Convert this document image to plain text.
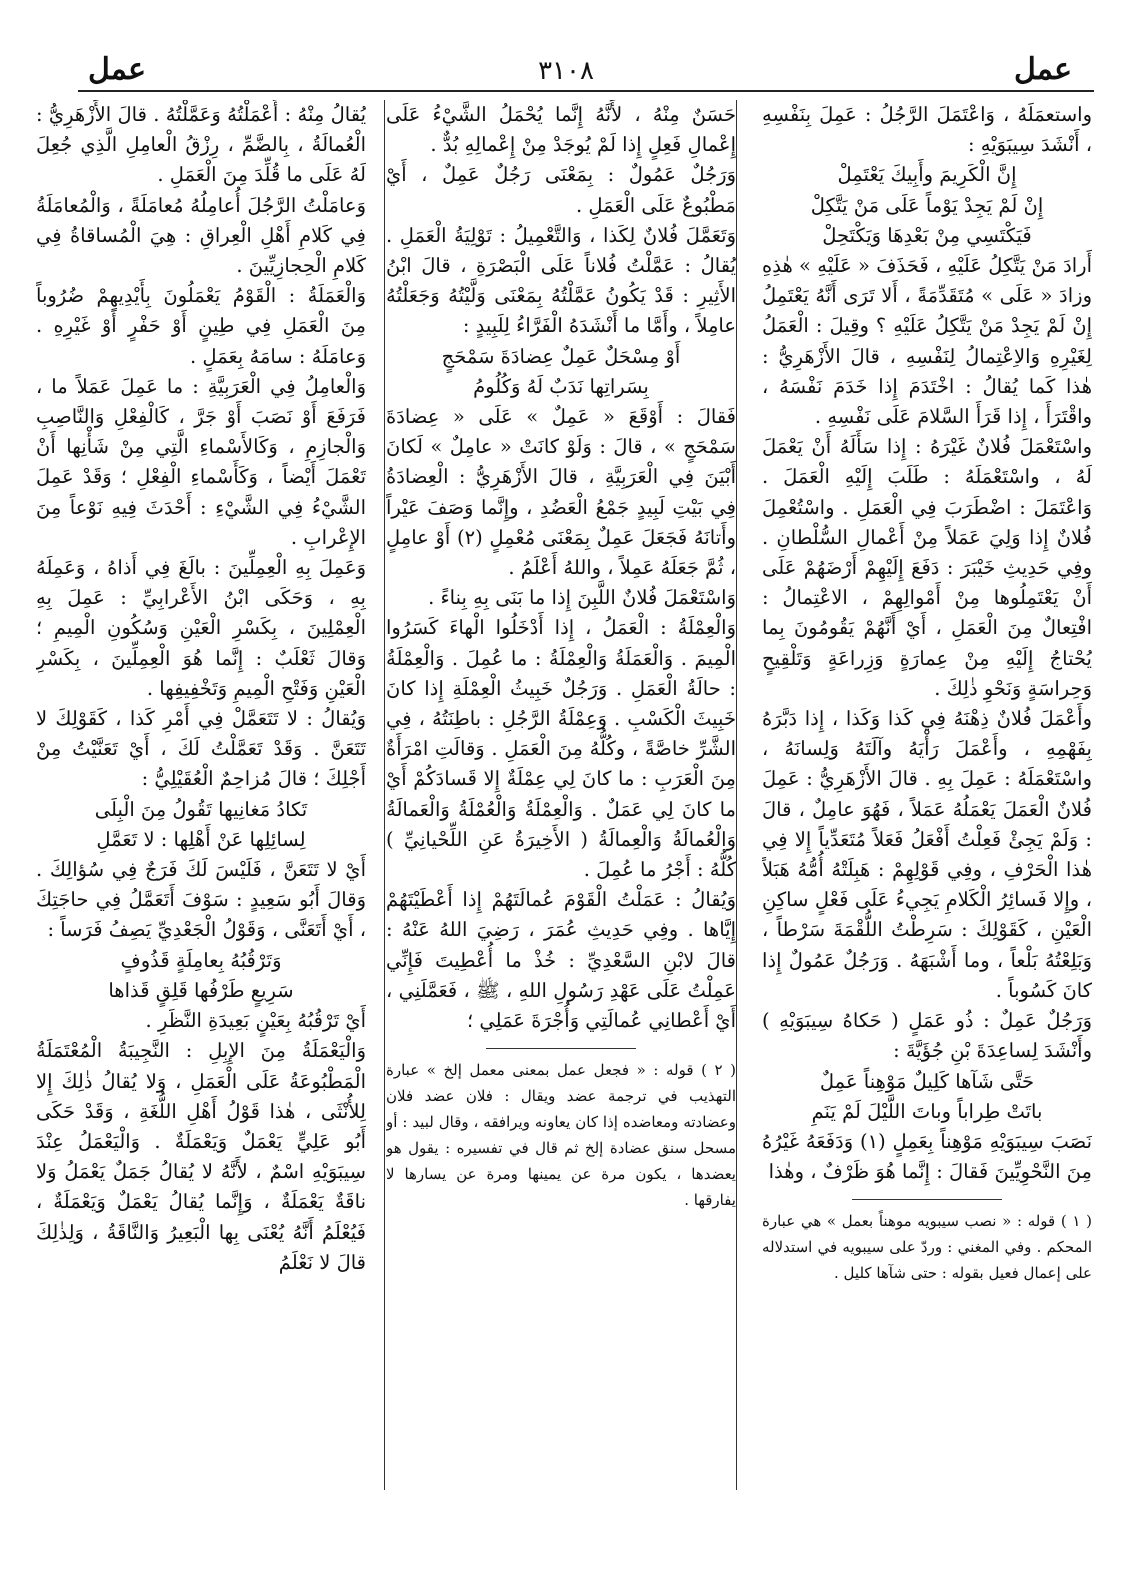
عمل
٣١٠٨
عمل

واستعمَلَهُ ، وَاعْتَمَلَ الرَّجُلُ : عَمِلَ بِنَفْسِهِ ، أَنْشَدَ سِيبَوَيْهِ :

إِنَّ الْكَرِيمَ وأَبِيكَ يَعْتَمِلْ

إِنْ لَمْ يَجِدْ يَوْماً عَلَى مَنْ يَتَّكِلْ

فَيَكْتَسِي مِنْ بَعْدِهَا وَيَكْتَحِلْ

أَرادَ مَنْ يَتَّكِلُ عَلَيْهِ ، فَحَذَفَ « عَلَيْهِ » هٰذِهِ وزادَ « عَلَى » مُتَقَدِّمَةً ، أَلا تَرَى أَنَّهُ يَعْتَمِلُ إِنْ لَمْ يَجِدْ مَنْ يَتَّكِلُ عَلَيْهِ ؟ وقِيلَ : الْعَمَلُ لِغَيْرِهِ وَالاِعْتِمالُ لِنَفْسِهِ ، قالَ الأَزْهَرِيُّ : هٰذا كَما يُقالُ : اخْتَدَمَ إِذا خَدَمَ نَفْسَهُ ، واقْتَرَأَ ، إِذا قَرَأَ السَّلامَ عَلَى نَفْسِهِ .

واسْتَعْمَلَ فُلانٌ غَيْرَهُ : إِذا سَأَلَهُ أَنْ يَعْمَلَ لَهُ ، واسْتَعْمَلَهُ : طَلَبَ إِلَيْهِ الْعَمَلَ . وَاعْتَمَلَ : اضْطَرَبَ فِي الْعَمَلِ . واسْتُعْمِلَ فُلانٌ إِذا وَلِيَ عَمَلاً مِنْ أَعْمالِ السُّلْطانِ . وفِي حَدِيثِ خَيْبَرَ : دَفَعَ إِلَيْهِمْ أَرْضَهُمْ عَلَى أَنْ يَعْتَمِلُوها مِنْ أَمْوالِهِمْ ، الاعْتِمالُ : افْتِعالٌ مِنَ الْعَمَلِ ، أَيْ أَنَّهُمْ يَقُومُونَ بِما يُحْتاجُ إِلَيْهِ مِنْ عِمارَةٍ وَزِراعَةٍ وَتَلْقِيحٍ وَحِراسَةٍ وَنَحْوِ ذٰلِكَ .

وأَعْمَلَ فُلانٌ ذِهْنَهُ فِي كَذا وَكَذا ، إِذا دَبَّرَهُ بِفَهْمِهِ ، وأَعْمَلَ رَأْيَهُ وآلَتَهُ وَلِسانَهُ ، واسْتَعْمَلَهُ : عَمِلَ بِهِ . قالَ الأَزْهَرِيُّ : عَمِلَ فُلانٌ الْعَمَلَ يَعْمَلُهُ عَمَلاً ، فَهُوَ عامِلٌ ، قالَ : وَلَمْ يَجِئْ فَعِلْتُ أَفْعَلُ فَعَلاً مُتَعَدِّياً إِلا فِي هٰذا الْحَرْفِ ، وفِي قَوْلِهِمْ : هَبِلَتْهُ أُمُّهُ هَبَلاً ، وإِلا فَسائِرُ الْكَلامِ يَجِيءُ عَلَى فَعْلٍ ساكِنِ الْعَيْنِ ، كَقَوْلِكَ : سَرِطْتُ اللُّقْمَةَ سَرْطاً ، وَبَلِعْتُهُ بَلْعاً ، وما أَشْبَهَهُ . وَرَجُلٌ عَمُولٌ إِذا كانَ كَسُوباً .

وَرَجُلٌ عَمِلٌ : ذُو عَمَلٍ ( حَكاهُ سِيبَوَيْهِ ) وأَنْشَدَ لِساعِدَةَ بْنِ جُؤَيَّةَ :

حَتَّى شَآها كَلِيلٌ مَوْهِناً عَمِلٌ

باتَتْ طِراباً وباتَ اللَّيْلَ لَمْ يَنَمِ

نَصَبَ سِيبَوَيْهِ مَوْهِناً بِعَمِلٍ (١) وَدَفَعَهُ غَيْرُهُ مِنَ النَّحْوِيِّينَ فَقالَ : إِنَّما هُوَ ظَرْفٌ ، وهٰذا

( ١ ) قوله : « نصب سيبويه موهناً بعمل » هي عبارة المحكم . وفي المغني : وردّ على سيبويه في استدلاله على إعمال فعيل بقوله : حتى شآها كليل .

حَسَنٌ مِنْهُ ، لأَنَّهُ إِنَّما يُحْمَلُ الشَّيْءُ عَلَى إِعْمالِ فَعِلٍ إِذا لَمْ يُوجَدْ مِنْ إِعْمالِهِ بُدٌّ .

وَرَجُلٌ عَمُولٌ : بِمَعْنَى رَجُلٌ عَمِلٌ ، أَيْ مَطْبُوعٌ عَلَى الْعَمَلِ .

وَتَعَمَّلَ فُلانٌ لِكَذا ، وَالتَّعْمِيلُ : تَوْلِيَةُ الْعَمَلِ . يُقالُ : عَمَّلْتُ فُلاناً عَلَى الْبَصْرَةِ ، قالَ ابْنُ الأَثِيرِ : قَدْ يَكُونُ عَمَّلْتُهُ بِمَعْنَى وَلَّيْتُهُ وَجَعَلْتُهُ عامِلاً ، وأَمَّا ما أَنْشَدَهُ الْفَرَّاءُ لِلَبِيدٍ :

أَوْ مِسْحَلٌ عَمِلٌ عِضادَةَ سَمْحَجٍ

بِسَراتِها نَدَبٌ لَهُ وَكُلُومُ

فَقالَ : أَوْقَعَ « عَمِلٌ » عَلَى « عِضادَةَ سَمْحَجٍ » ، قالَ : وَلَوْ كانَتْ « عامِلٌ » لَكانَ أَبْيَنَ فِي الْعَرَبِيَّةِ ، قالَ الأَزْهَرِيُّ : الْعِضادَةُ فِي بَيْتِ لَبِيدٍ جَمْعُ الْعَضُدِ ، وإِنَّما وَصَفَ عَيْراً وأَتانَهُ فَجَعَلَ عَمِلٌ بِمَعْنَى مُعْمِلٍ (٢) أَوْ عامِلٍ ، ثُمَّ جَعَلَهُ عَمِلاً ، واللهُ أَعْلَمُ .

وَاسْتَعْمَلَ فُلانٌ اللَّبِنَ إِذا ما بَنَى بِهِ بِناءً .

وَالْعِمْلَةُ : الْعَمَلُ ، إِذا أَدْخَلُوا الْهاءَ كَسَرُوا الْمِيمَ . وَالْعَمَلَةُ وَالْعِمْلَةُ : ما عُمِلَ . وَالْعِمْلَةُ : حالَةُ الْعَمَلِ . وَرَجُلٌ خَبِيثُ الْعِمْلَةِ إِذا كانَ خَبِيثَ الْكَسْبِ . وَعِمْلَةُ الرَّجُلِ : باطِنَتُهُ ، فِي الشَّرِّ خاصَّةً ، وكُلُّهُ مِنَ الْعَمَلِ . وَقالَتِ امْرَأَةٌ مِنَ الْعَرَبِ : ما كانَ لِي عِمْلَةٌ إِلا قَسادَكُمْ أَيْ ما كانَ لِي عَمَلٌ . وَالْعِمْلَةُ وَالْعُمْلَةُ وَالْعَمالَةُ وَالْعُمالَةُ وَالْعِمالَةُ ( الأَخِيرَةُ عَنِ اللِّحْيانِيِّ ) كُلُّهُ : أَجْرُ ما عُمِلَ .

وَيُقالُ : عَمَلْتُ الْقَوْمَ عُمالَتَهُمْ إِذا أَعْطَيْتَهُمْ إِيَّاها . وفِي حَدِيثِ عُمَرَ ، رَضِيَ اللهُ عَنْهُ : قالَ لابْنِ السَّعْدِيِّ : خُذْ ما أُعْطِيتَ فَإِنِّي عَمِلْتُ عَلَى عَهْدِ رَسُولِ اللهِ ، ﷺ ، فَعَمَّلَنِي ، أَيْ أَعْطانِي عُمالَتِي وَأُجْرَةَ عَمَلِي ؛

( ٢ ) قوله : « فجعل عمل بمعنى معمل إلخ » عبارة التهذيب في ترجمة عضد ويقال : فلان عضد فلان وعضادته ومعاضده إذا كان يعاونه ويرافقه ، وقال لبيد : أو مسحل سنق عضادة إلخ ثم قال في تفسيره : يقول هو يعضدها ، يكون مرة عن يمينها ومرة عن يسارها لا يفارقها .

يُقالُ مِنْهُ : أَعْمَلْتُهُ وَعَمَّلْتُهُ . قالَ الأَزْهَرِيُّ : الْعُمالَةُ ، بِالضَّمِّ ، رِزْقُ الْعامِلِ الَّذِي جُعِلَ لَهُ عَلَى ما قُلِّدَ مِنَ الْعَمَلِ .

وَعامَلْتُ الرَّجُلَ أُعامِلُهُ مُعامَلَةً ، وَالْمُعامَلَةُ فِي كَلامِ أَهْلِ الْعِراقِ : هِيَ الْمُساقاةُ فِي كَلامِ الْحِجازِيِّينَ .

وَالْعَمَلَةُ : الْقَوْمُ يَعْمَلُونَ بِأَيْدِيهِمْ ضُرُوباً مِنَ الْعَمَلِ فِي طِينٍ أَوْ حَفْرٍ أَوْ غَيْرِهِ . وَعامَلَهُ : سامَهُ بِعَمَلٍ .

وَالْعامِلُ فِي الْعَرَبِيَّةِ : ما عَمِلَ عَمَلاً ما ، فَرَفَعَ أَوْ نَصَبَ أَوْ جَرَّ ، كَالْفِعْلِ وَالنَّاصِبِ وَالْجازِمِ ، وَكَالأَسْماءِ الَّتِي مِنْ شَأْنِها أَنْ تَعْمَلَ أَيْضاً ، وَكَأَسْماءِ الْفِعْلِ ؛ وَقَدْ عَمِلَ الشَّيْءُ فِي الشَّيْءِ : أَحْدَثَ فِيهِ نَوْعاً مِنَ الإِعْرابِ .

وَعَمِلَ بِهِ الْعِمِلِّينَ : بالَغَ فِي أَذاهُ ، وَعَمِلَهُ بِهِ ، وَحَكَى ابْنُ الأَعْرابِيِّ : عَمِلَ بِهِ الْعِمْلِينَ ، بِكَسْرِ الْعَيْنِ وَسُكُونِ الْمِيمِ ؛ وَقالَ ثَعْلَبٌ : إِنَّما هُوَ الْعِمِلِّينَ ، بِكَسْرِ الْعَيْنِ وَفَتْحِ الْمِيمِ وَتَخْفِيفِها .

وَيُقالُ : لا تَتَعَمَّلْ فِي أَمْرِ كَذا ، كَقَوْلِكَ لا تَتَعَنَّ . وَقَدْ تَعَمَّلْتُ لَكَ ، أَيْ تَعَنَّيْتُ مِنْ أَجْلِكَ ؛ قالَ مُزاحِمٌ الْعُقَيْلِيُّ :

تَكادُ مَغانِيها تَقُولُ مِنَ الْبِلَى

لِسائِلِها عَنْ أَهْلِها : لا تَعَمَّلِ

أَيْ لا تَتَعَنَّ ، فَلَيْسَ لَكَ فَرَجٌ فِي سُؤالِكَ . وَقالَ أَبُو سَعِيدٍ : سَوْفَ أَتَعَمَّلُ فِي حاجَتِكَ ، أَيْ أَتَعَنَّى ، وَقَوْلُ الْجَعْدِيِّ يَصِفُ فَرَساً :

وَتَرْقُبُهُ بِعامِلَةٍ قَذُوفٍ

سَرِيعٍ طَرْفُها قَلِقٍ قَذاها

أَيْ تَرْقُبُهُ بِعَيْنٍ بَعِيدَةِ النَّظَرِ .

وَالْيَعْمَلَةُ مِنَ الإِبِلِ : النَّجِيبَةُ الْمُعْتَمَلَةُ الْمَطْبُوعَةُ عَلَى الْعَمَلِ ، وَلا يُقالُ ذٰلِكَ إِلا لِلأُنْثَى ، هٰذا قَوْلُ أَهْلِ اللُّغَةِ ، وَقَدْ حَكَى أَبُو عَلِيٍّ يَعْمَلٌ وَيَعْمَلَةٌ . وَالْيَعْمَلُ عِنْدَ سِيبَوَيْهِ اسْمٌ ، لأَنَّهُ لا يُقالُ جَمَلٌ يَعْمَلُ وَلا ناقَةٌ يَعْمَلَةٌ ، وَإِنَّما يُقالُ يَعْمَلٌ وَيَعْمَلَةٌ ، فَيُعْلَمُ أَنَّهُ يُعْنَى بِها الْبَعِيرُ وَالنَّاقَةُ ، وَلِذٰلِكَ قالَ لا نَعْلَمُ
